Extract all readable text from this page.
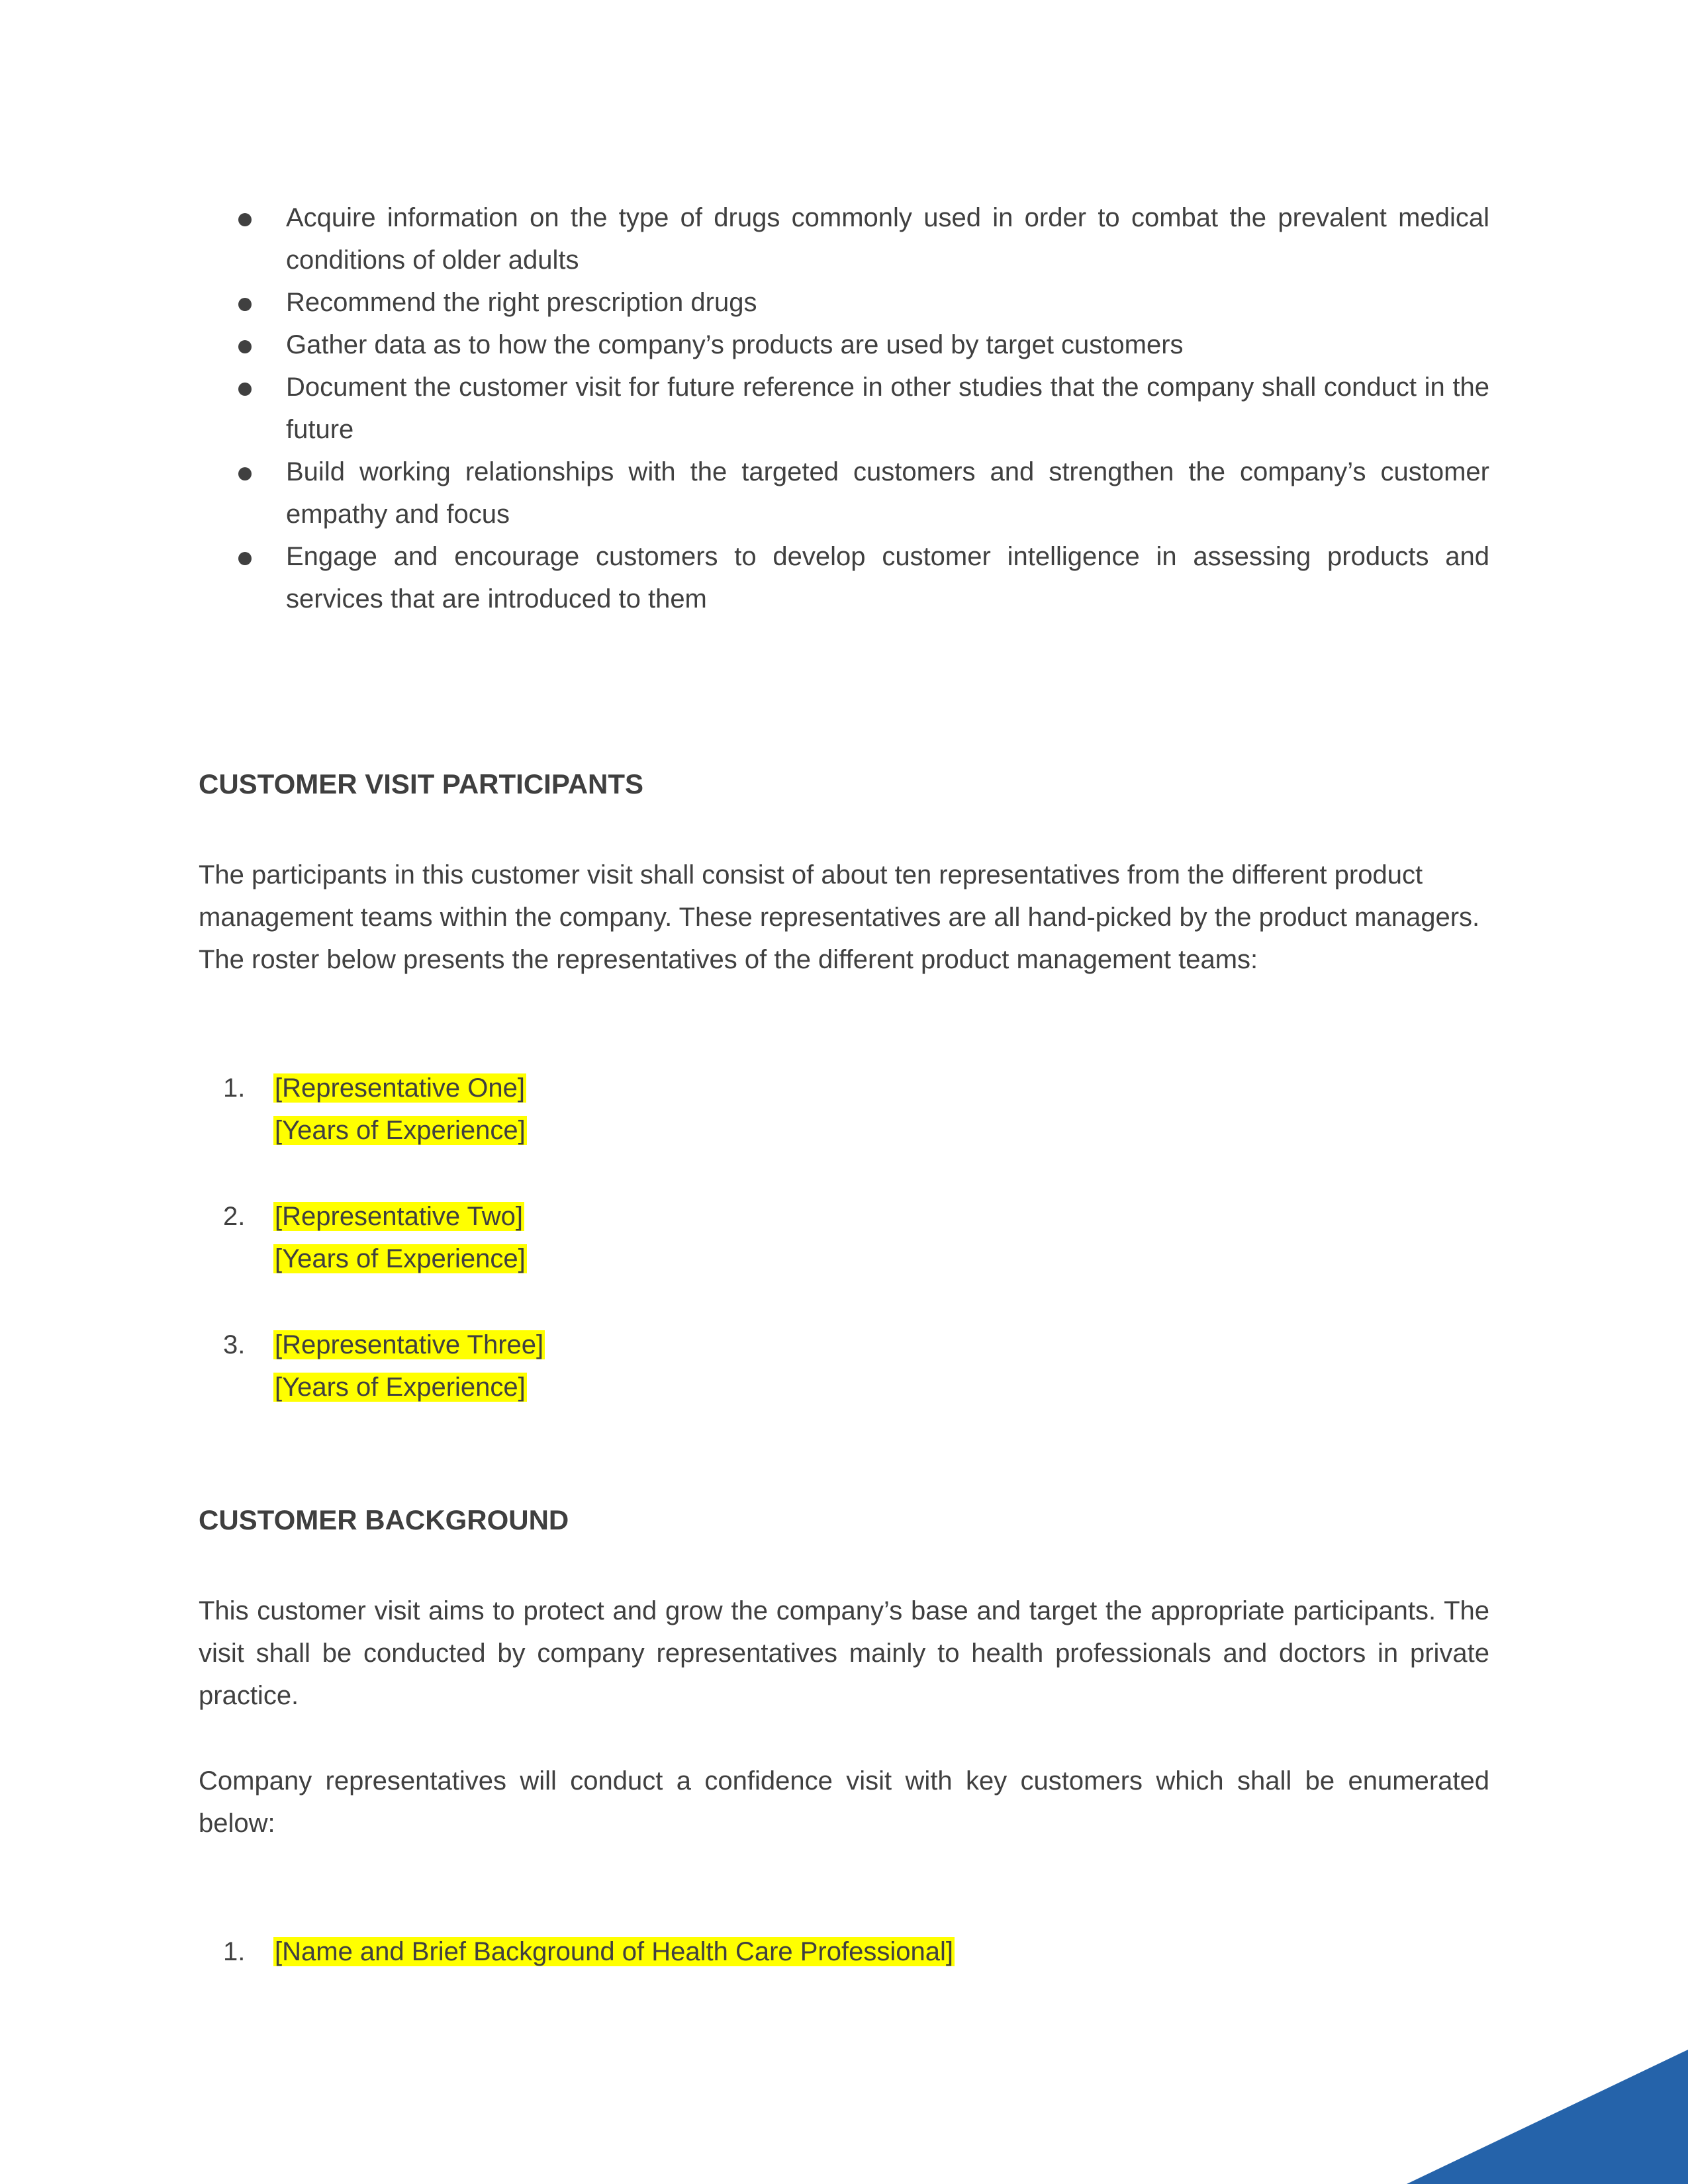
Acquire information on the type of drugs commonly used in order to combat the prevalent medical conditions of older adults
Recommend the right prescription drugs
Gather data as to how the company’s products are used by target customers
Document the customer visit for future reference in other studies that the company shall conduct in the future
Build working relationships with the targeted customers and strengthen the company’s customer empathy and focus
Engage and encourage customers to develop customer intelligence in assessing products and services that are introduced to them
CUSTOMER VISIT PARTICIPANTS

The participants in this customer visit shall consist of about ten representatives from the different product management teams within the company. These representatives are all hand-picked by the product managers. The roster below presents the representatives of the different product management teams:

1. [Representative One]
[Years of Experience]
2. [Representative Two]
[Years of Experience]
3. [Representative Three]
[Years of Experience]
CUSTOMER BACKGROUND

This customer visit aims to protect and grow the company’s base and target the appropriate participants. The visit shall be conducted by company representatives mainly to health professionals and doctors in private practice.

Company representatives will conduct a confidence visit with key customers which shall be enumerated below:

1. [Name and Brief Background of Health Care Professional]
